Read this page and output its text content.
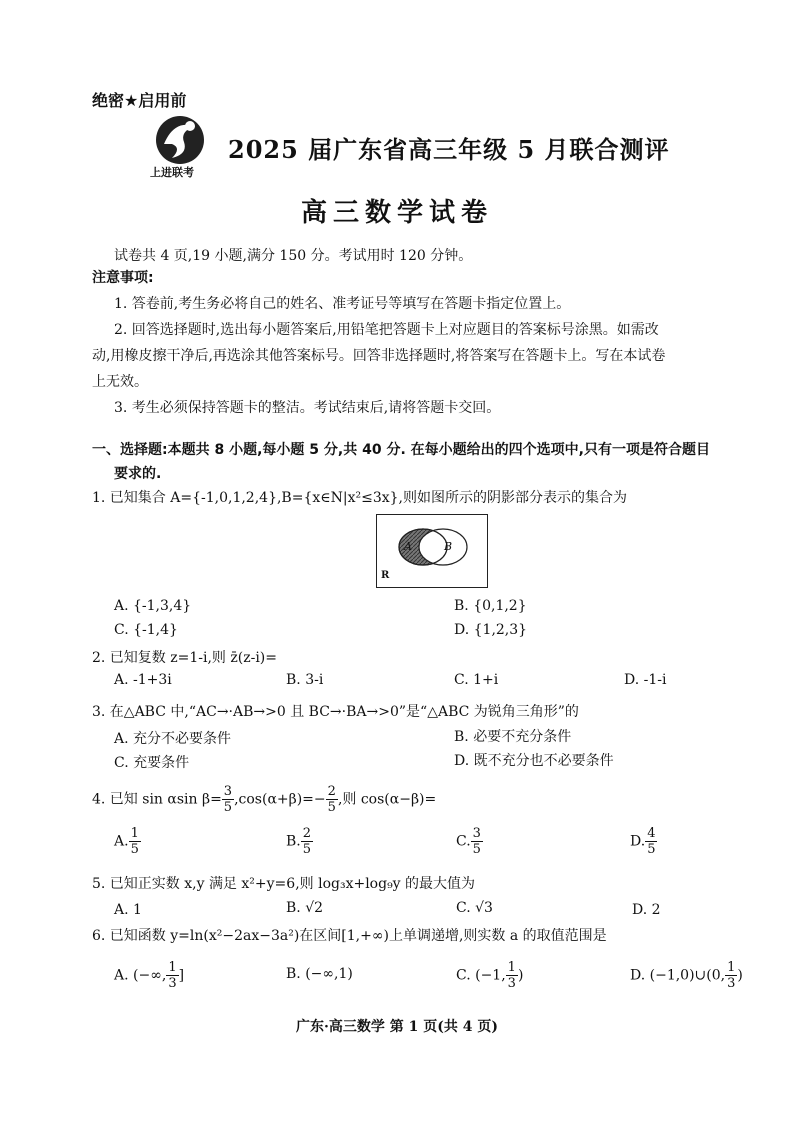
绝密★启用前
上进联考
2025 届广东省高三年级 5 月联合测评
高三数学试卷
试卷共 4 页,19 小题,满分 150 分。考试用时 120 分钟。
注意事项:
1. 答卷前,考生务必将自己的姓名、准考证号等填写在答题卡指定位置上。
2. 回答选择题时,选出每小题答案后,用铅笔把答题卡上对应题目的答案标号涂黑。如需改
动,用橡皮擦干净后,再选涂其他答案标号。回答非选择题时,将答案写在答题卡上。写在本试卷
上无效。
3. 考生必须保持答题卡的整洁。考试结束后,请将答题卡交回。
一、选择题:本题共 8 小题,每小题 5 分,共 40 分. 在每小题给出的四个选项中,只有一项是符合题目
要求的.
1. 已知集合 A={-1,0,1,2,4},B={x∈N|x²≤3x},则如图所示的阴影部分表示的集合为
A	B
R
A. {-1,3,4}	B. {0,1,2}
C. {-1,4}	D. {1,2,3}
2. 已知复数 z=1-i,则 z̄(z-i)=
A. -1+3i	B. 3-i	C. 1+i	D. -1-i
3. 在△ABC 中,“AC→·AB→>0 且 BC→·BA→>0”是“△ABC 为锐角三角形”的
A. 充分不必要条件	B. 必要不充分条件
C. 充要条件	D. 既不充分也不必要条件
4. 已知 sin αsin $\beta= \frac{3}{5} ,\cos(\alpha+\beta)=- \frac{2}{5}$ ,则 cos(α−β)=
A. $\frac{1}{5}$	B. $\frac{2}{5}$	C. $\frac{3}{5}$	D. $\frac{4}{5}$
5. 已知正实数 x,y 满足 x²+y=6,则 log₃x+log₉y 的最大值为
A. 1	B. √2	C. √3	D. 2
6. 已知函数 y=ln(x²−2ax−3a²)在区间[1,+∞)上单调递增,则实数 a 的取值范围是
A. (−∞, $\frac{1}{3}$ ]	B. (−∞,1)	C. (−1, $\frac{1}{3}$ )	D. (−1,0)∪(0, $\frac{1}{3}$ )
广东·高三数学 第 1 页(共 4 页)
